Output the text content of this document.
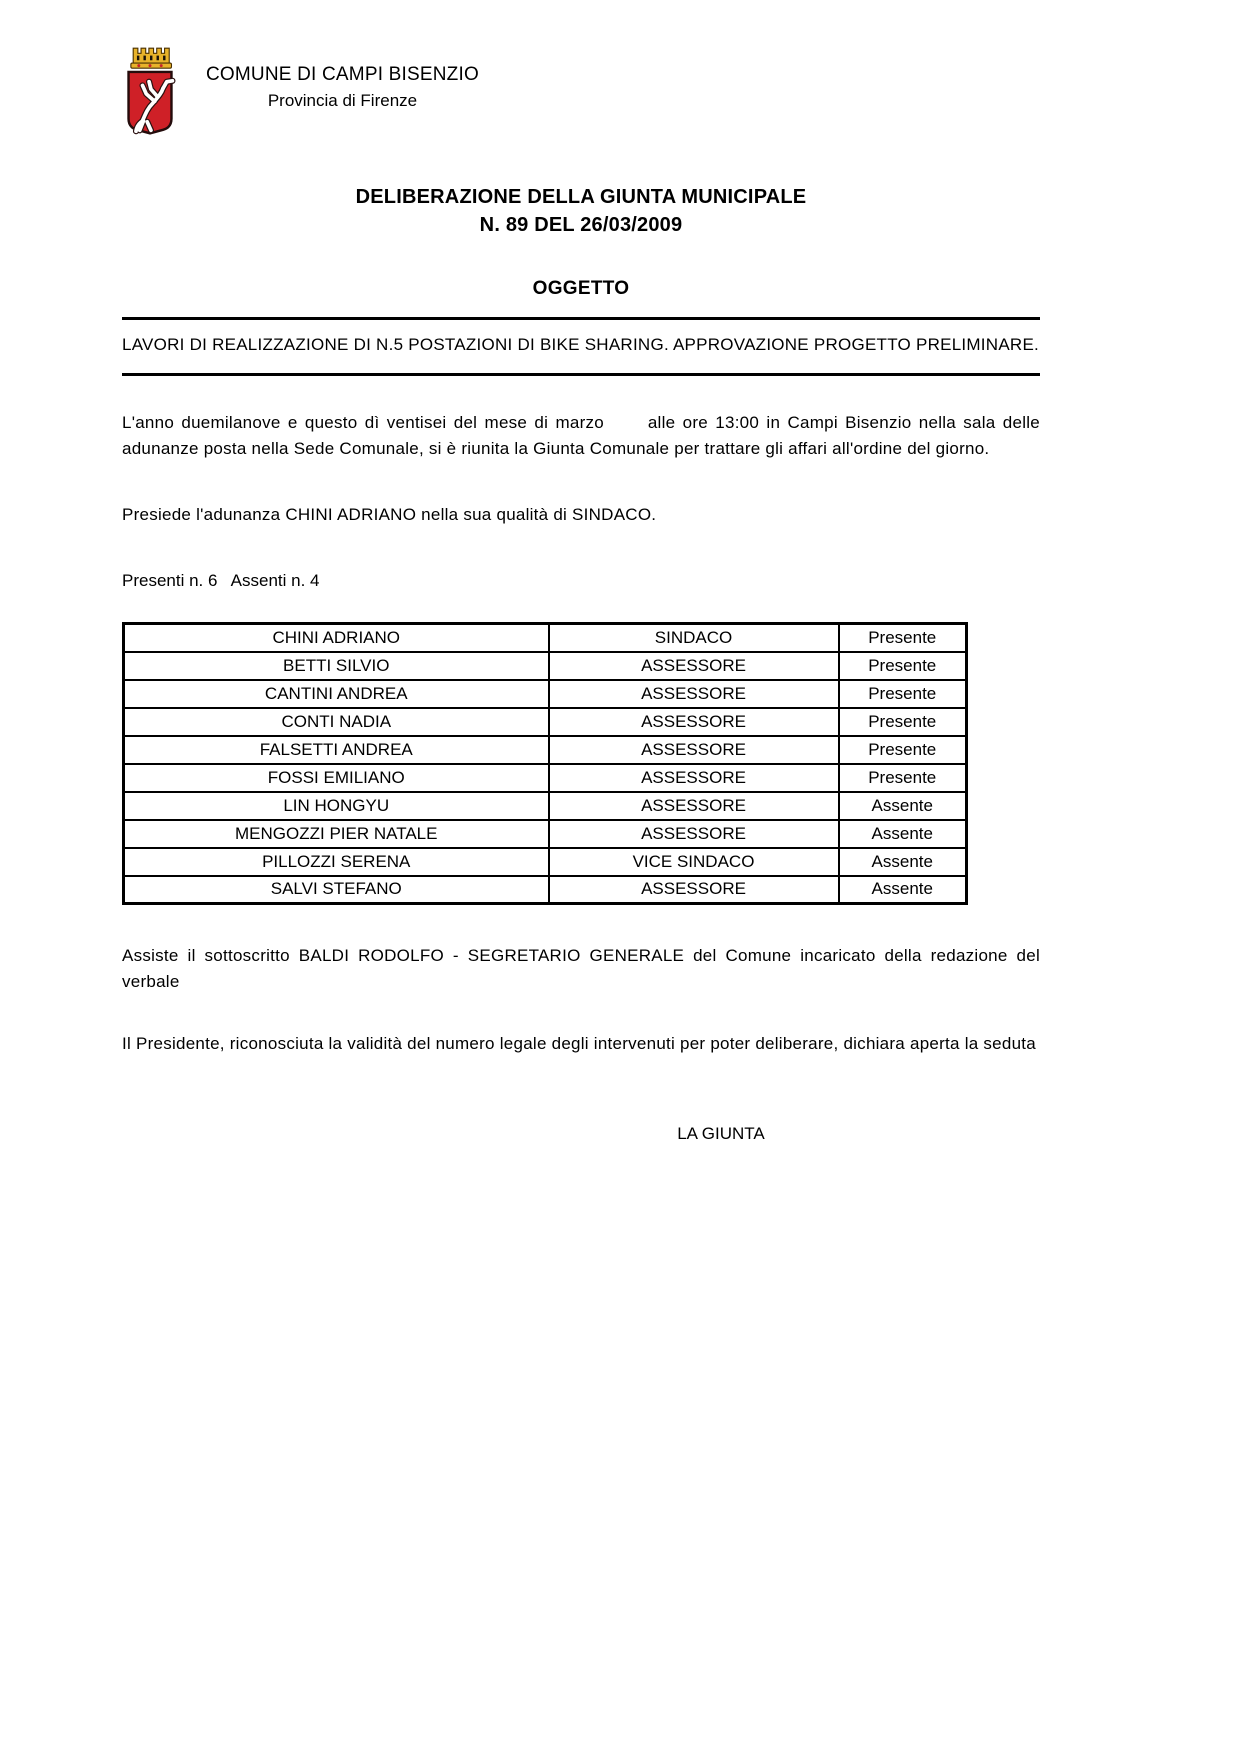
COMUNE DI CAMPI BISENZIO
Provincia di Firenze
DELIBERAZIONE DELLA GIUNTA MUNICIPALE
N. 89 DEL 26/03/2009
OGGETTO
LAVORI DI REALIZZAZIONE DI N.5 POSTAZIONI DI BIKE SHARING. APPROVAZIONE PROGETTO PRELIMINARE.
L'anno duemilanove e questo dì ventisei del mese di marzo      alle ore 13:00 in Campi Bisenzio nella sala delle adunanze posta nella Sede Comunale, si è riunita la Giunta Comunale per trattare gli affari all'ordine del giorno.
Presiede l'adunanza CHINI ADRIANO nella sua qualità di SINDACO.
Presenti n. 6   Assenti n. 4
CHINI ADRIANO	SINDACO	Presente
BETTI SILVIO	ASSESSORE	Presente
CANTINI ANDREA	ASSESSORE	Presente
CONTI NADIA	ASSESSORE	Presente
FALSETTI ANDREA	ASSESSORE	Presente
FOSSI EMILIANO	ASSESSORE	Presente
LIN HONGYU	ASSESSORE	Assente
MENGOZZI PIER NATALE	ASSESSORE	Assente
PILLOZZI SERENA	VICE SINDACO	Assente
SALVI STEFANO	ASSESSORE	Assente
Assiste il sottoscritto BALDI RODOLFO - SEGRETARIO GENERALE del Comune incaricato della redazione del verbale
Il Presidente, riconosciuta la validità del numero legale degli intervenuti per poter deliberare, dichiara aperta la seduta
LA GIUNTA
